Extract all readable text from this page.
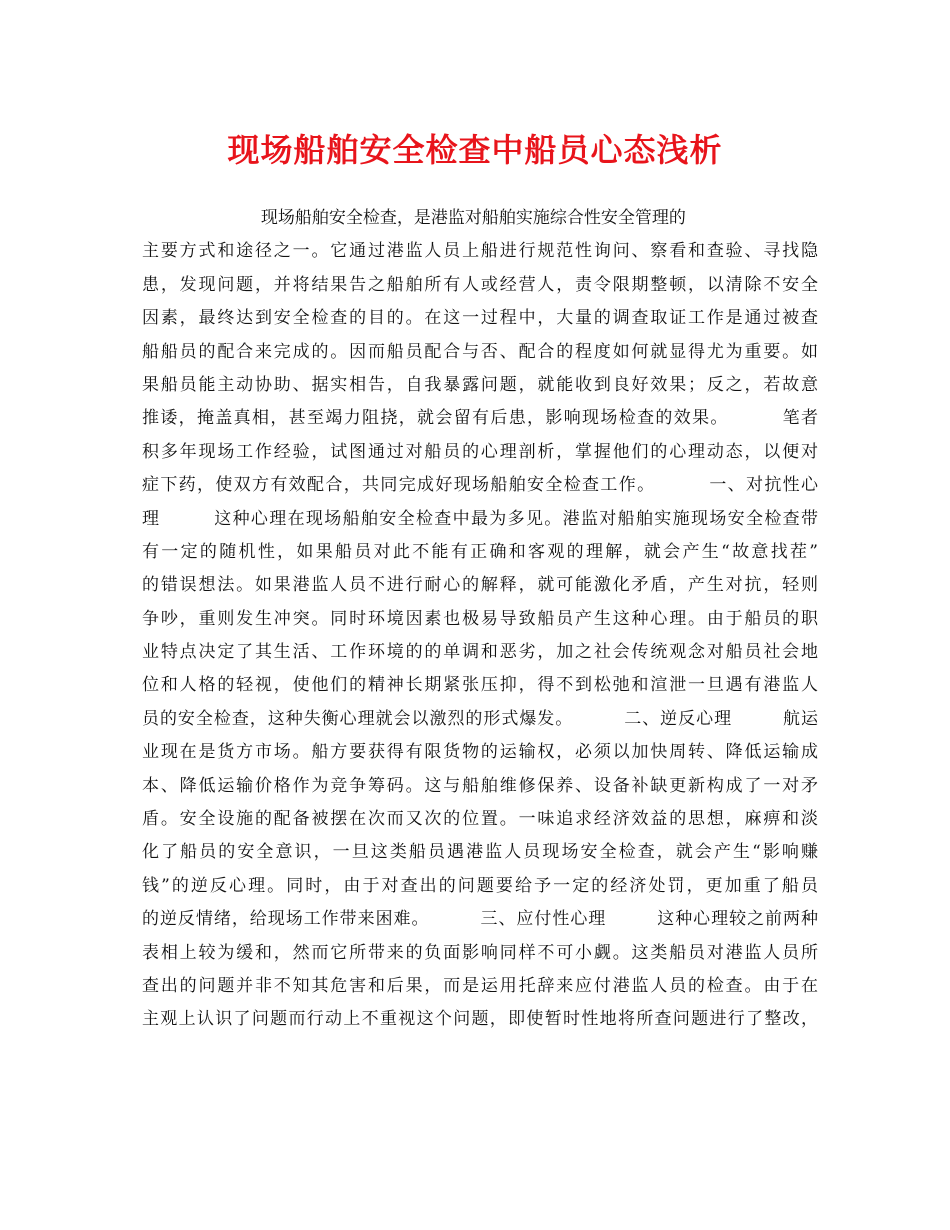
现场船舶安全检查中船员心态浅析
现场船舶安全检查，是港监对船舶实施综合性安全管理的
主要方式和途径之一。它通过港监人员上船进行规范性询问、察看和查验、寻找隐
患，发现问题，并将结果告之船舶所有人或经营人，责令限期整顿，以清除不安全
因素，最终达到安全检查的目的。在这一过程中，大量的调查取证工作是通过被查
船船员的配合来完成的。因而船员配合与否、配合的程度如何就显得尤为重要。如
果船员能主动协助、据实相告，自我暴露问题，就能收到良好效果；反之，若故意
推诿，掩盖真相，甚至竭力阻挠，就会留有后患，影响现场检查的效果。        笔者
积多年现场工作经验，试图通过对船员的心理剖析，掌握他们的心理动态，以便对
症下药，使双方有效配合，共同完成好现场船舶安全检查工作。        一、对抗性心
理        这种心理在现场船舶安全检查中最为多见。港监对船舶实施现场安全检查带
有一定的随机性，如果船员对此不能有正确和客观的理解，就会产生“故意找茬”
的错误想法。如果港监人员不进行耐心的解释，就可能激化矛盾，产生对抗，轻则
争吵，重则发生冲突。同时环境因素也极易导致船员产生这种心理。由于船员的职
业特点决定了其生活、工作环境的的单调和恶劣，加之社会传统观念对船员社会地
位和人格的轻视，使他们的精神长期紧张压抑，得不到松弛和渲泄一旦遇有港监人
员的安全检查，这种失衡心理就会以激烈的形式爆发。        二、逆反心理        航运
业现在是货方市场。船方要获得有限货物的运输权，必须以加快周转、降低运输成
本、降低运输价格作为竞争筹码。这与船舶维修保养、设备补缺更新构成了一对矛
盾。安全设施的配备被摆在次而又次的位置。一味追求经济效益的思想，麻痹和淡
化了船员的安全意识，一旦这类船员遇港监人员现场安全检查，就会产生“影响赚
钱”的逆反心理。同时，由于对查出的问题要给予一定的经济处罚，更加重了船员
的逆反情绪，给现场工作带来困难。        三、应付性心理        这种心理较之前两种
表相上较为缓和，然而它所带来的负面影响同样不可小觑。这类船员对港监人员所
查出的问题并非不知其危害和后果，而是运用托辞来应付港监人员的检查。由于在
主观上认识了问题而行动上不重视这个问题，即使暂时性地将所查问题进行了整改，
